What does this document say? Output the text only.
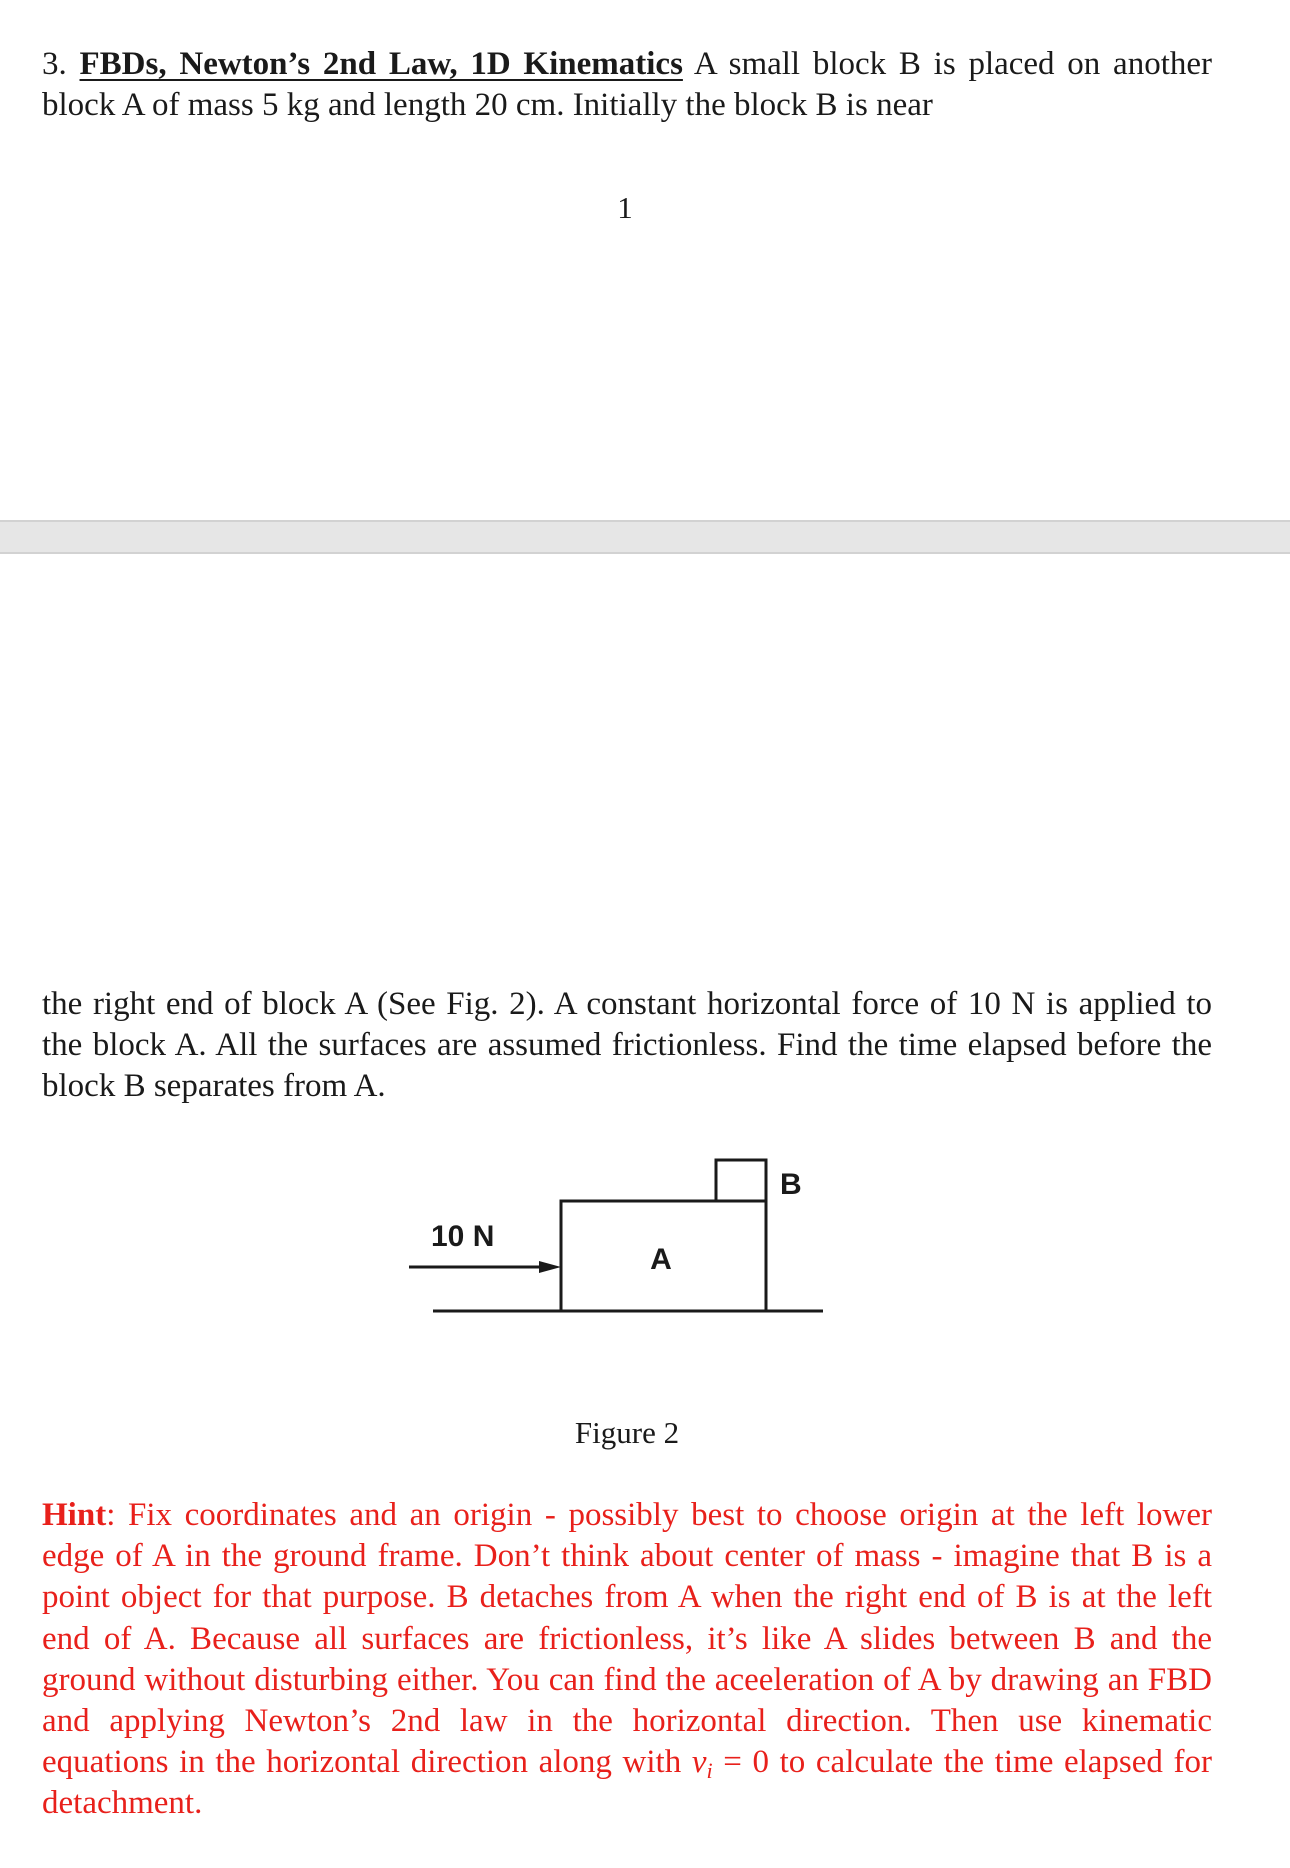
3. FBDs, Newton’s 2nd Law, 1D Kinematics A small block B is placed on another block A of mass 5 kg and length 20 cm. Initially the block B is near

1

the right end of block A (See Fig. 2). A constant horizontal force of 10 N is applied to the block A. All the surfaces are assumed frictionless. Find the time elapsed before the block B separates from A.

10 N
A
B
Figure 2

Hint: Fix coordinates and an origin - possibly best to choose origin at the left lower edge of A in the ground frame. Don’t think about center of mass - imagine that B is a point object for that purpose. B detaches from A when the right end of B is at the left end of A. Because all surfaces are frictionless, it’s like A slides between B and the ground without disturbing either. You can find the aceeleration of A by drawing an FBD and applying Newton’s 2nd law in the horizontal direction. Then use kinematic equations in the horizontal direction along with $v_i = 0$ to calculate the time elapsed for detachment.
